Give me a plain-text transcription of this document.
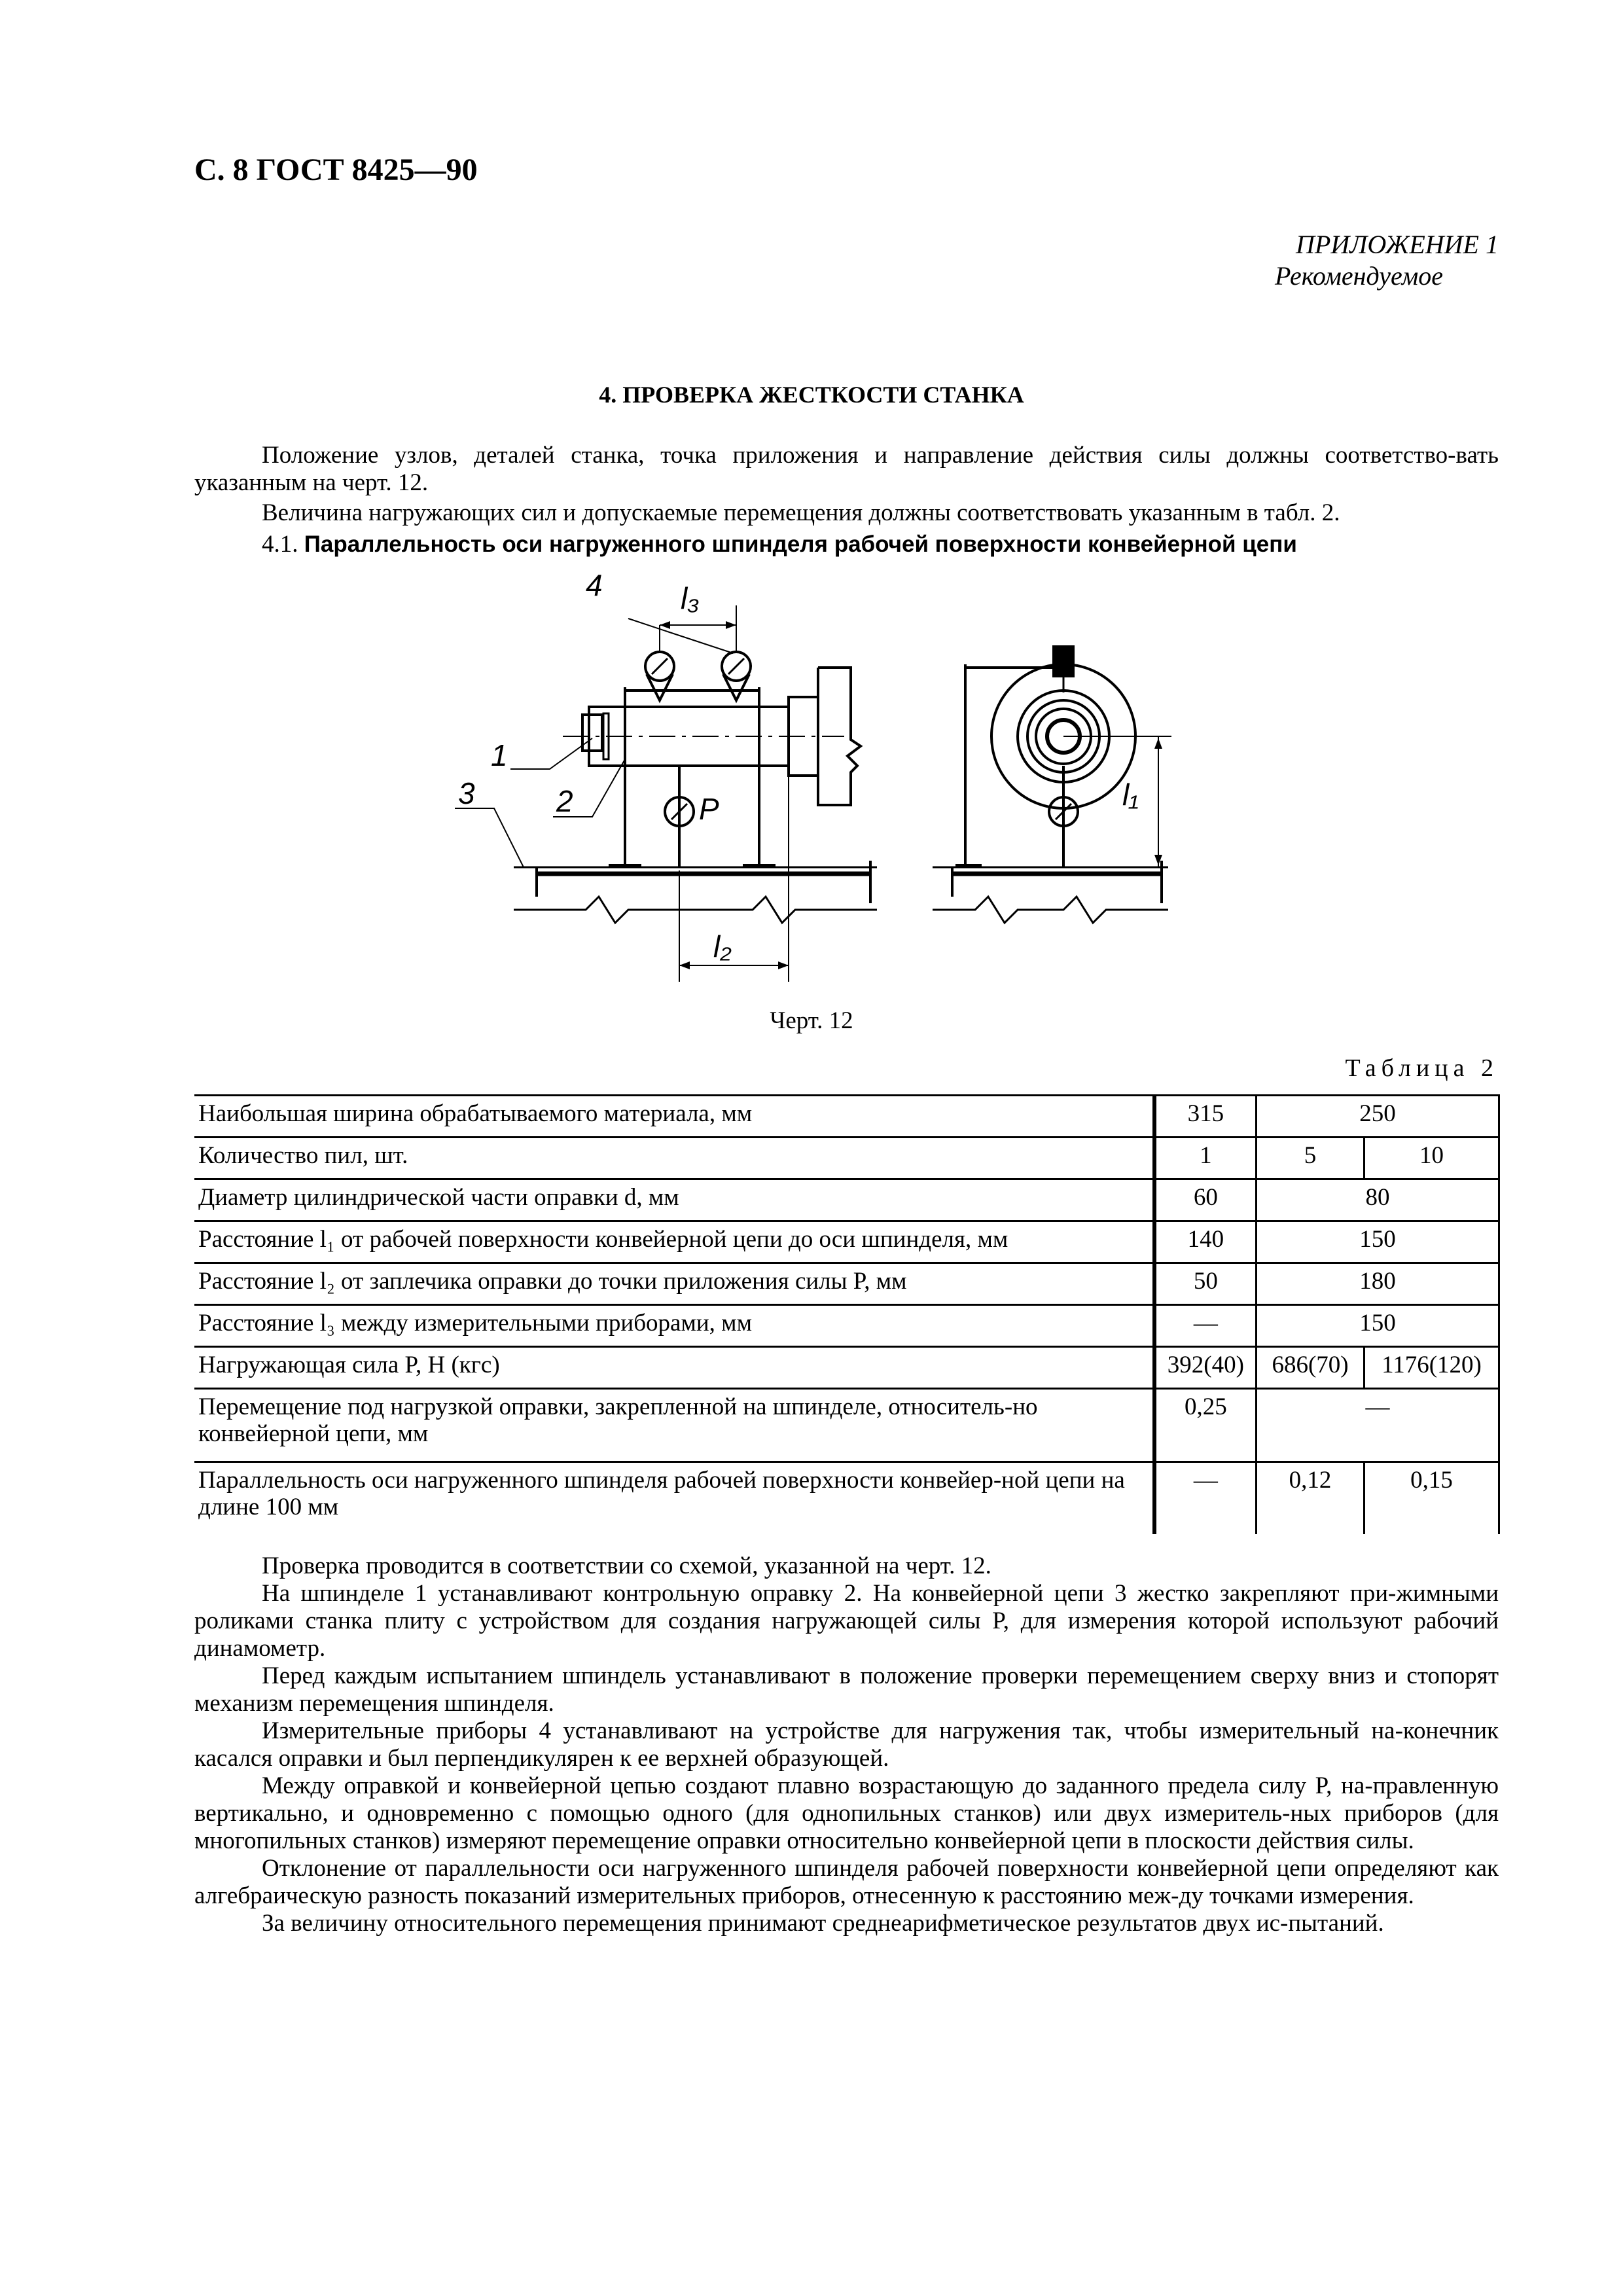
С. 8 ГОСТ 8425—90
ПРИЛОЖЕНИЕ 1
Рекомендуемое
4. ПРОВЕРКА ЖЕСТКОСТИ СТАНКА
Положение узлов, деталей станка, точка приложения и направление действия силы должны соответство-вать указанным на черт. 12.
Величина нагружающих сил и допускаемые перемещения должны соответствовать указанным в табл. 2.
4.1. Параллельность оси нагруженного шпинделя рабочей поверхности конвейерной цепи
4	l₃
1
2
3	P
l₂
l₁
Черт. 12
Таблица 2
Наибольшая ширина обрабатываемого материала, мм	315	250	
Количество пил, шт.	1	5	10
Диаметр цилиндрической части оправки d, мм	60	80	
Расстояние l₁ от рабочей поверхности конвейерной цепи до оси шпинделя, мм	140	150	
Расстояние l₂ от заплечика оправки до точки приложения силы P, мм	50	180	
Расстояние l₃ между измерительными приборами, мм	—	150	
Нагружающая сила P, Н (кгс)	392(40)	686(70)	1176(120)
Перемещение под нагрузкой оправки, закрепленной на шпинделе, относитель-но конвейерной цепи, мм	0,25	—	
Параллельность оси нагруженного шпинделя рабочей поверхности конвейер-ной цепи на длине 100 мм	—	0,12	0,15

Проверка проводится в соответствии со схемой, указанной на черт. 12.

На шпинделе 1 устанавливают контрольную оправку 2. На конвейерной цепи 3 жестко закрепляют при-жимными роликами станка плиту с устройством для создания нагружающей силы P, для измерения которой используют рабочий динамометр.

Перед каждым испытанием шпиндель устанавливают в положение проверки перемещением сверху вниз и стопорят механизм перемещения шпинделя.

Измерительные приборы 4 устанавливают на устройстве для нагружения так, чтобы измерительный на-конечник касался оправки и был перпендикулярен к ее верхней образующей.

Между оправкой и конвейерной цепью создают плавно возрастающую до заданного предела силу P, на-правленную вертикально, и одновременно с помощью одного (для однопильных станков) или двух измеритель-ных приборов (для многопильных станков) измеряют перемещение оправки относительно конвейерной цепи в плоскости действия силы.

Отклонение от параллельности оси нагруженного шпинделя рабочей поверхности конвейерной цепи определяют как алгебраическую разность показаний измерительных приборов, отнесенную к расстоянию меж-ду точками измерения.

За величину относительного перемещения принимают среднеарифметическое результатов двух ис-пытаний.
